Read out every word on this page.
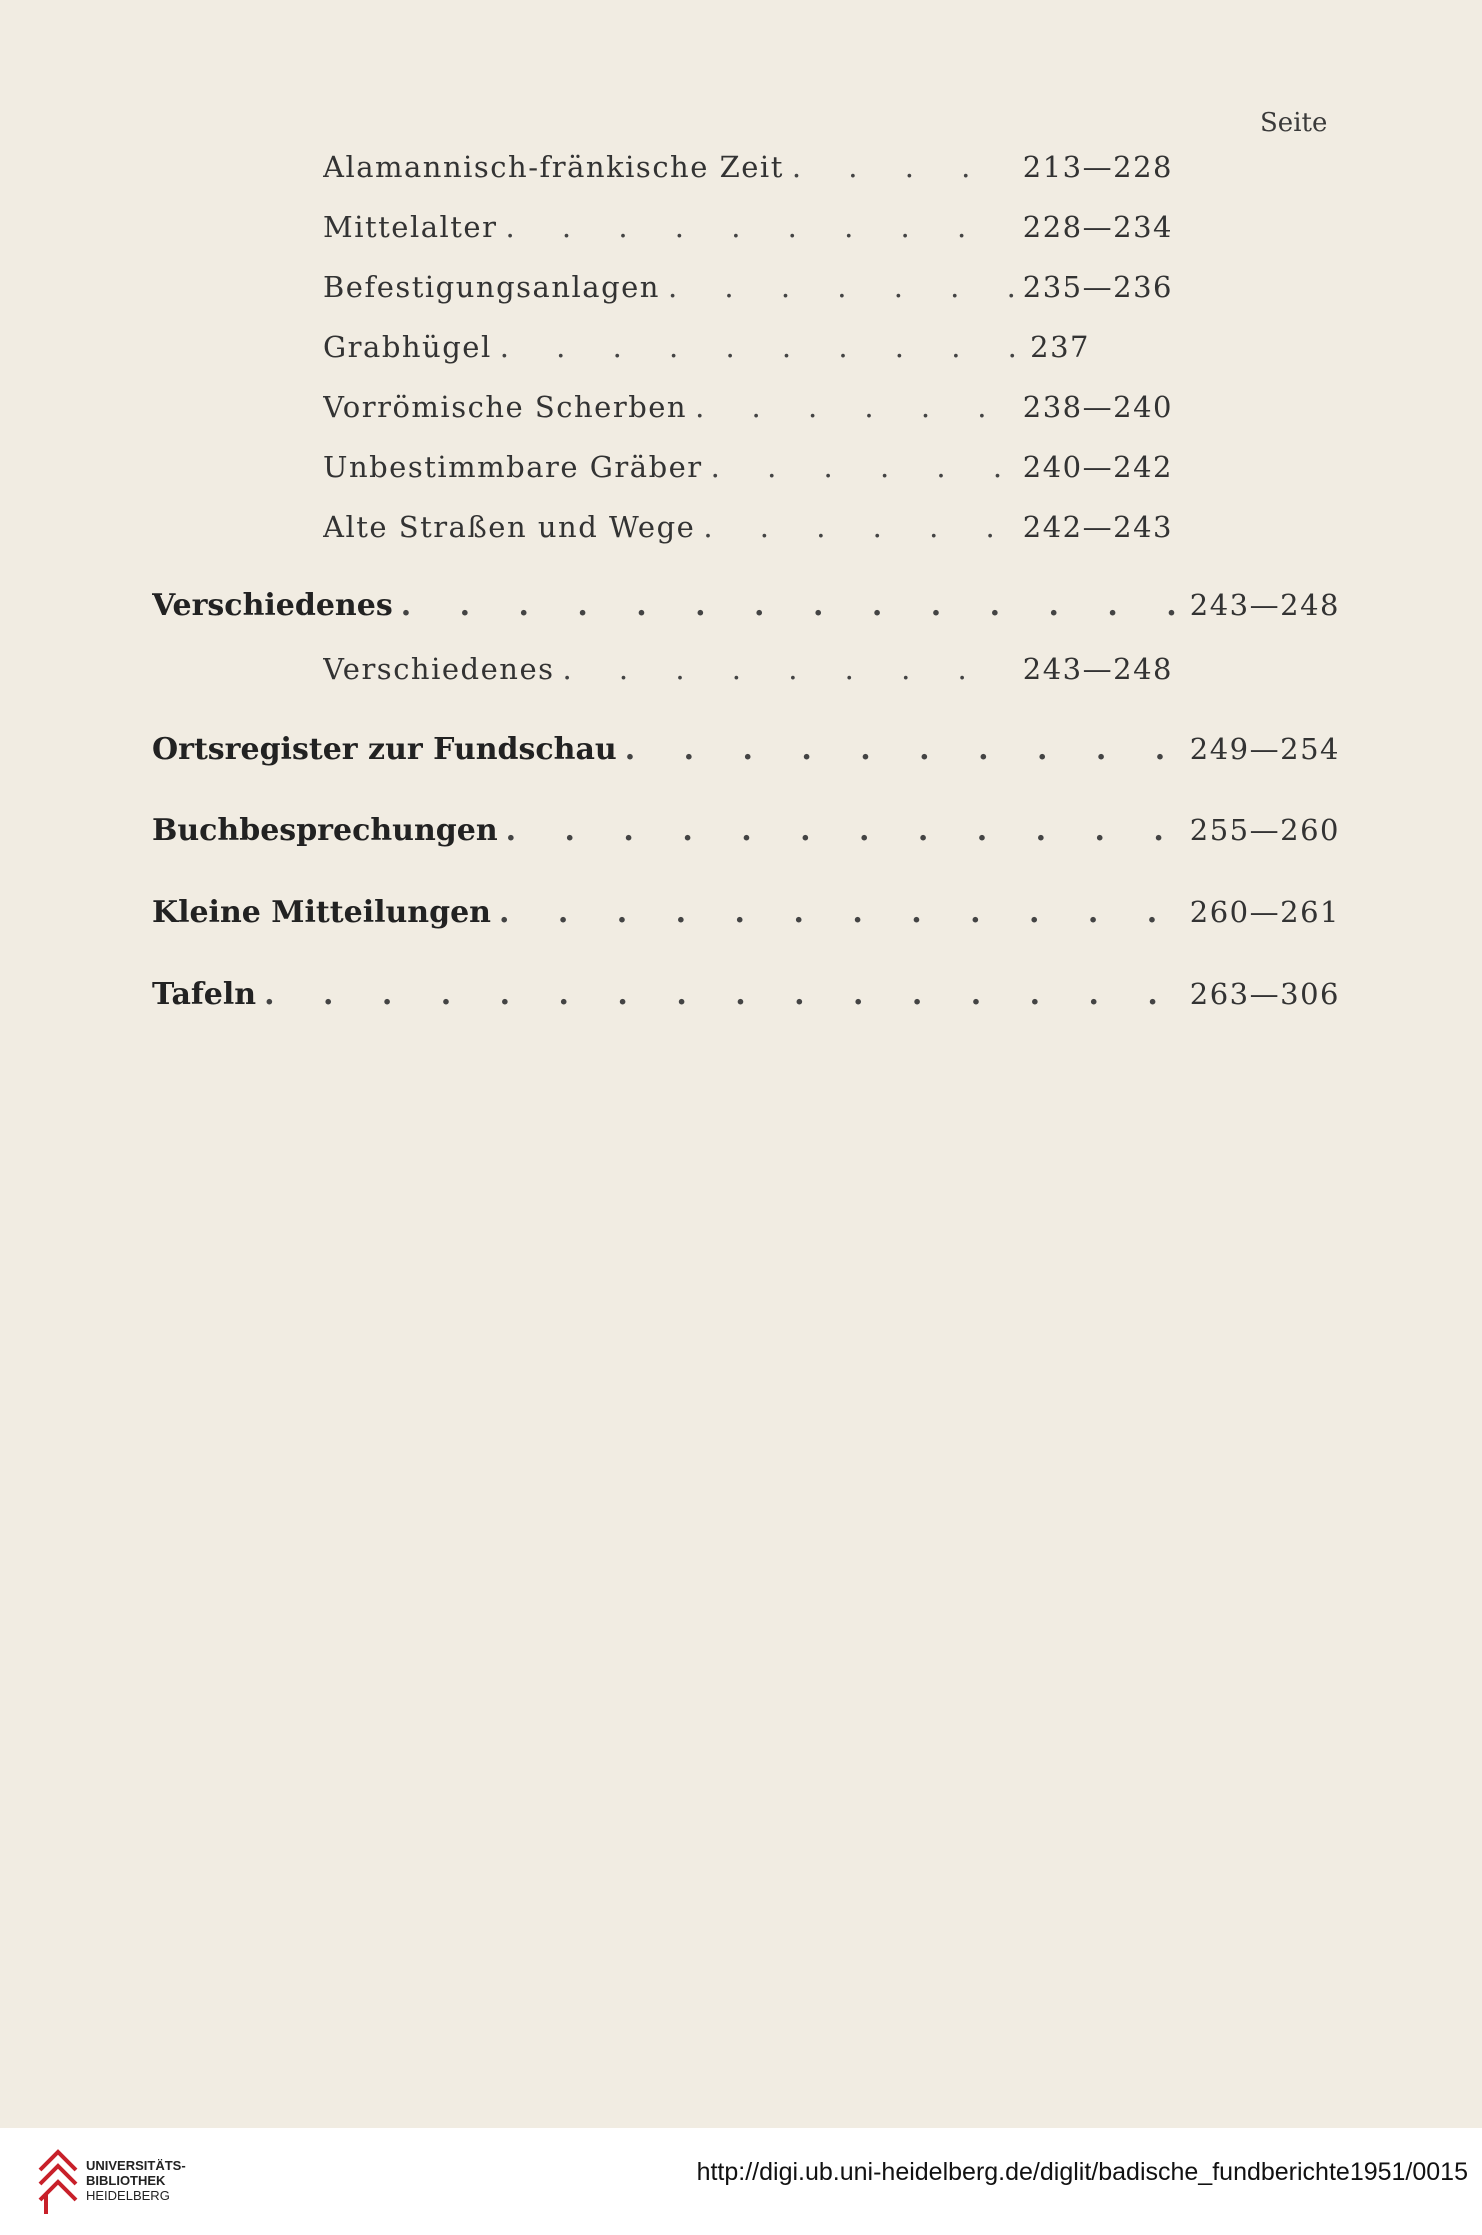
Seite
Alamannisch-fränkische Zeit . . .	213—228
Mittelalter . . .	228—234
Befestigungsanlagen . . .	235—236
Grabhügel . . .	237
Vorrömische Scherben . . .	238—240
Unbestimmbare Gräber . . .	240—242
Alte Straßen und Wege . . .	242—243
Verschiedenes . . .	243—248
Verschiedenes . . .	243—248
Ortsregister zur Fundschau . . .	249—254
Buchbesprechungen . . .	255—260
Kleine Mitteilungen . . .	260—261
Tafeln . . .	263—306
UNIVERSITÄTS-
BIBLIOTHEK
HEIDELBERG
http://digi.ub.uni-heidelberg.de/diglit/badische_fundberichte1951/0015
